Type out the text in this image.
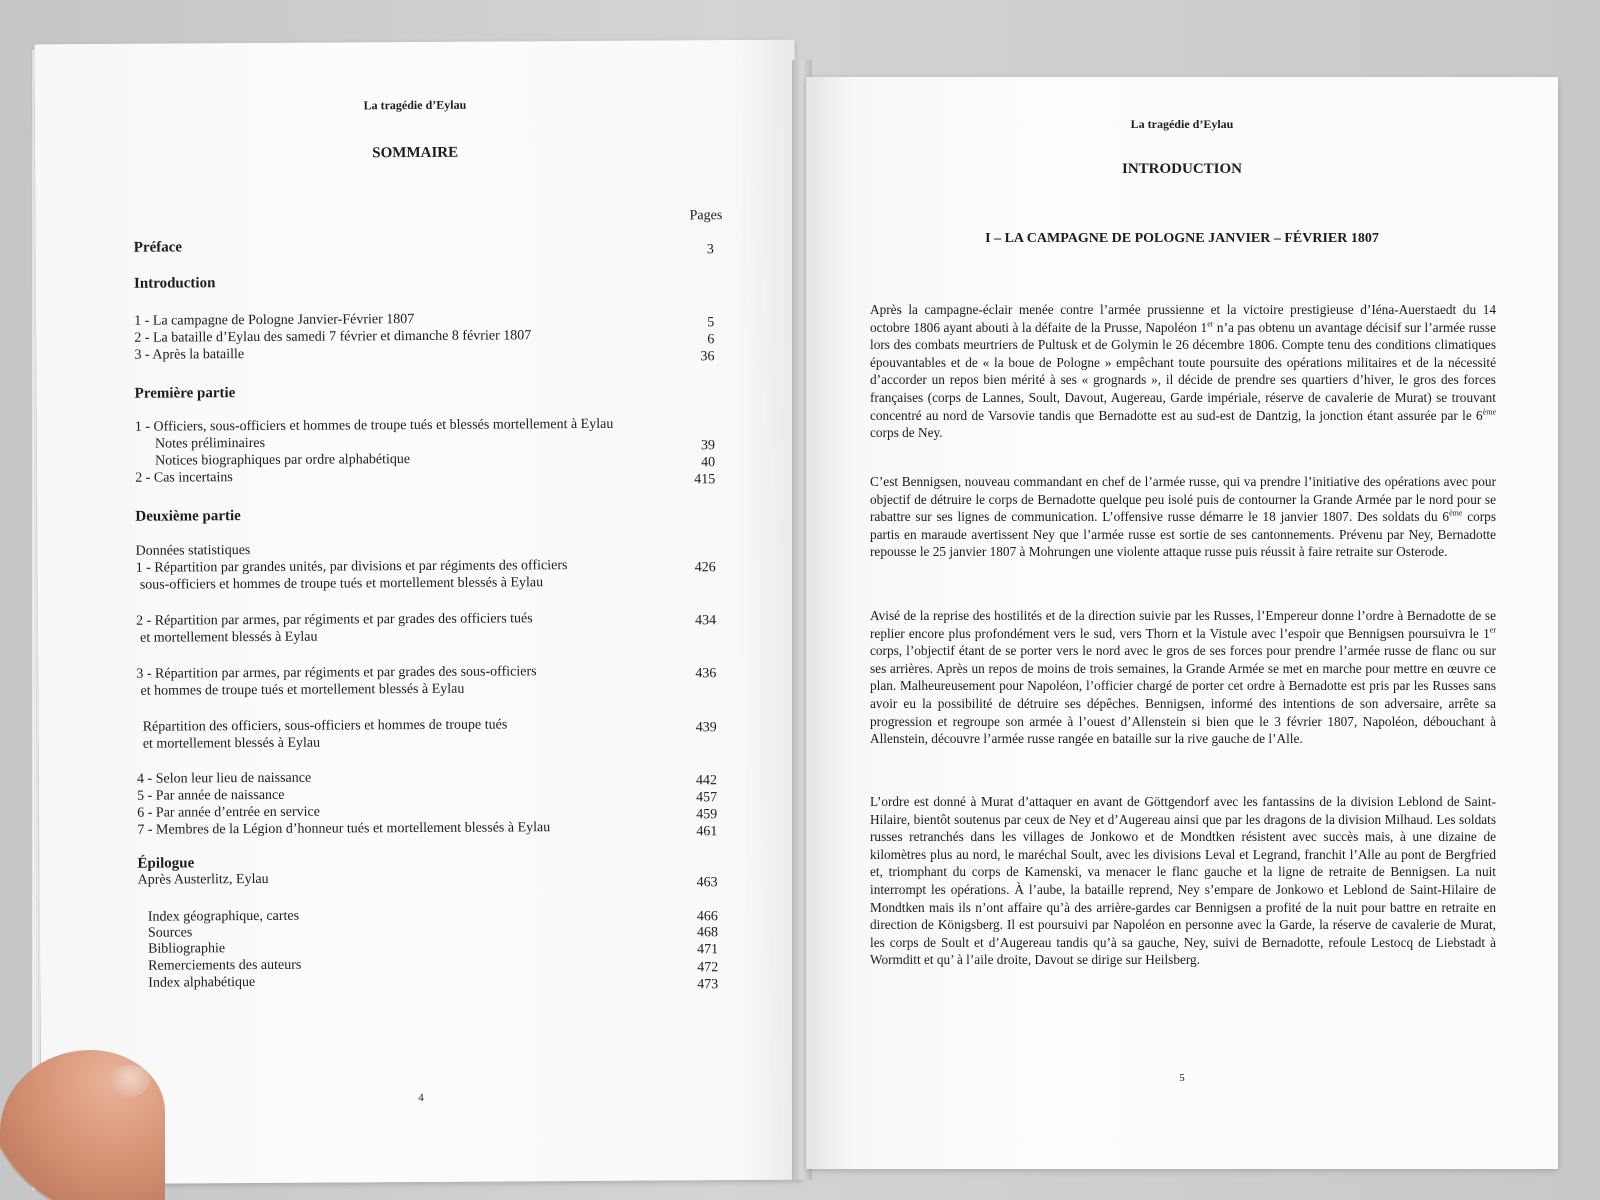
La tragédie d’Eylau
SOMMAIRE
Pages
Préface	3
Introduction
1 - La campagne de Pologne Janvier-Février 1807	5
2 - La bataille d’Eylau des samedi 7 février et dimanche 8 février 1807	6
3 - Après la bataille	36
Première partie
1 - Officiers, sous-officiers et hommes de troupe tués et blessés mortellement à Eylau
Notes préliminaires	39
Notices biographiques par ordre alphabétique	40
2 - Cas incertains	415
Deuxième partie
Données statistiques
1 - Répartition par grandes unités, par divisions et par régiments des officiers	426
sous-officiers et hommes de troupe tués et mortellement blessés à Eylau
2 - Répartition par armes, par régiments et par grades des officiers tués	434
et mortellement blessés à Eylau
3 - Répartition par armes, par régiments et par grades des sous-officiers	436
et hommes de troupe tués et mortellement blessés à Eylau
Répartition des officiers, sous-officiers et hommes de troupe tués	439
et mortellement blessés à Eylau
4 - Selon leur lieu de naissance	442
5 - Par année de naissance	457
6 - Par année d’entrée en service	459
7 - Membres de la Légion d’honneur tués et mortellement blessés à Eylau	461
Épilogue
Après Austerlitz, Eylau	463
Index géographique, cartes	466
Sources	468
Bibliographie	471
Remerciements des auteurs	472
Index alphabétique	473
4
La tragédie d’Eylau
INTRODUCTION
I – LA CAMPAGNE DE POLOGNE JANVIER – FÉVRIER 1807
Après la campagne-éclair menée contre l’armée prussienne et la victoire prestigieuse d’Iéna-Auerstaedt du 14 octobre 1806 ayant abouti à la défaite de la Prusse, Napoléon 1er n’a pas obtenu un avantage décisif sur l’armée russe lors des combats meurtriers de Pultusk et de Golymin le 26 décembre 1806. Compte tenu des conditions climatiques épouvantables et de « la boue de Pologne » empêchant toute poursuite des opérations militaires et de la nécessité d’accorder un repos bien mérité à ses « grognards », il décide de prendre ses quartiers d’hiver, le gros des forces françaises (corps de Lannes, Soult, Davout, Augereau, Garde impériale, réserve de cavalerie de Murat) se trouvant concentré au nord de Varsovie tandis que Bernadotte est au sud-est de Dantzig, la jonction étant assurée par le 6ème corps de Ney.
C’est Bennigsen, nouveau commandant en chef de l’armée russe, qui va prendre l’initiative des opérations avec pour objectif de détruire le corps de Bernadotte quelque peu isolé puis de contourner la Grande Armée par le nord pour se rabattre sur ses lignes de communication. L’offensive russe démarre le 18 janvier 1807. Des soldats du 6ème corps partis en maraude avertissent Ney que l’armée russe est sortie de ses cantonnements. Prévenu par Ney, Bernadotte repousse le 25 janvier 1807 à Mohrungen une violente attaque russe puis réussit à faire retraite sur Osterode.
Avisé de la reprise des hostilités et de la direction suivie par les Russes, l’Empereur donne l’ordre à Bernadotte de se replier encore plus profondément vers le sud, vers Thorn et la Vistule avec l’espoir que Bennigsen poursuivra le 1er corps, l’objectif étant de se porter vers le nord avec le gros de ses forces pour prendre l’armée russe de flanc ou sur ses arrières. Après un repos de moins de trois semaines, la Grande Armée se met en marche pour mettre en œuvre ce plan. Malheureusement pour Napoléon, l’officier chargé de porter cet ordre à Bernadotte est pris par les Russes sans avoir eu la possibilité de détruire ses dépêches. Bennigsen, informé des intentions de son adversaire, arrête sa progression et regroupe son armée à l’ouest d’Allenstein si bien que le 3 février 1807, Napoléon, débouchant à Allenstein, découvre l’armée russe rangée en bataille sur la rive gauche de l’Alle.
L’ordre est donné à Murat d’attaquer en avant de Göttgendorf avec les fantassins de la division Leblond de Saint-Hilaire, bientôt soutenus par ceux de Ney et d’Augereau ainsi que par les dragons de la division Milhaud. Les soldats russes retranchés dans les villages de Jonkowo et de Mondtken résistent avec succès mais, à une dizaine de kilomètres plus au nord, le maréchal Soult, avec les divisions Leval et Legrand, franchit l’Alle au pont de Bergfried et, triomphant du corps de Kamenski, va menacer le flanc gauche et la ligne de retraite de Bennigsen. La nuit interrompt les opérations. À l’aube, la bataille reprend, Ney s’empare de Jonkowo et Leblond de Saint-Hilaire de Mondtken mais ils n’ont affaire qu’à des arrière-gardes car Bennigsen a profité de la nuit pour battre en retraite en direction de Königsberg. Il est poursuivi par Napoléon en personne avec la Garde, la réserve de cavalerie de Murat, les corps de Soult et d’Augereau tandis qu’à sa gauche, Ney, suivi de Bernadotte, refoule Lestocq de Liebstadt à Wormditt et qu’ à l’aile droite, Davout se dirige sur Heilsberg.
5
